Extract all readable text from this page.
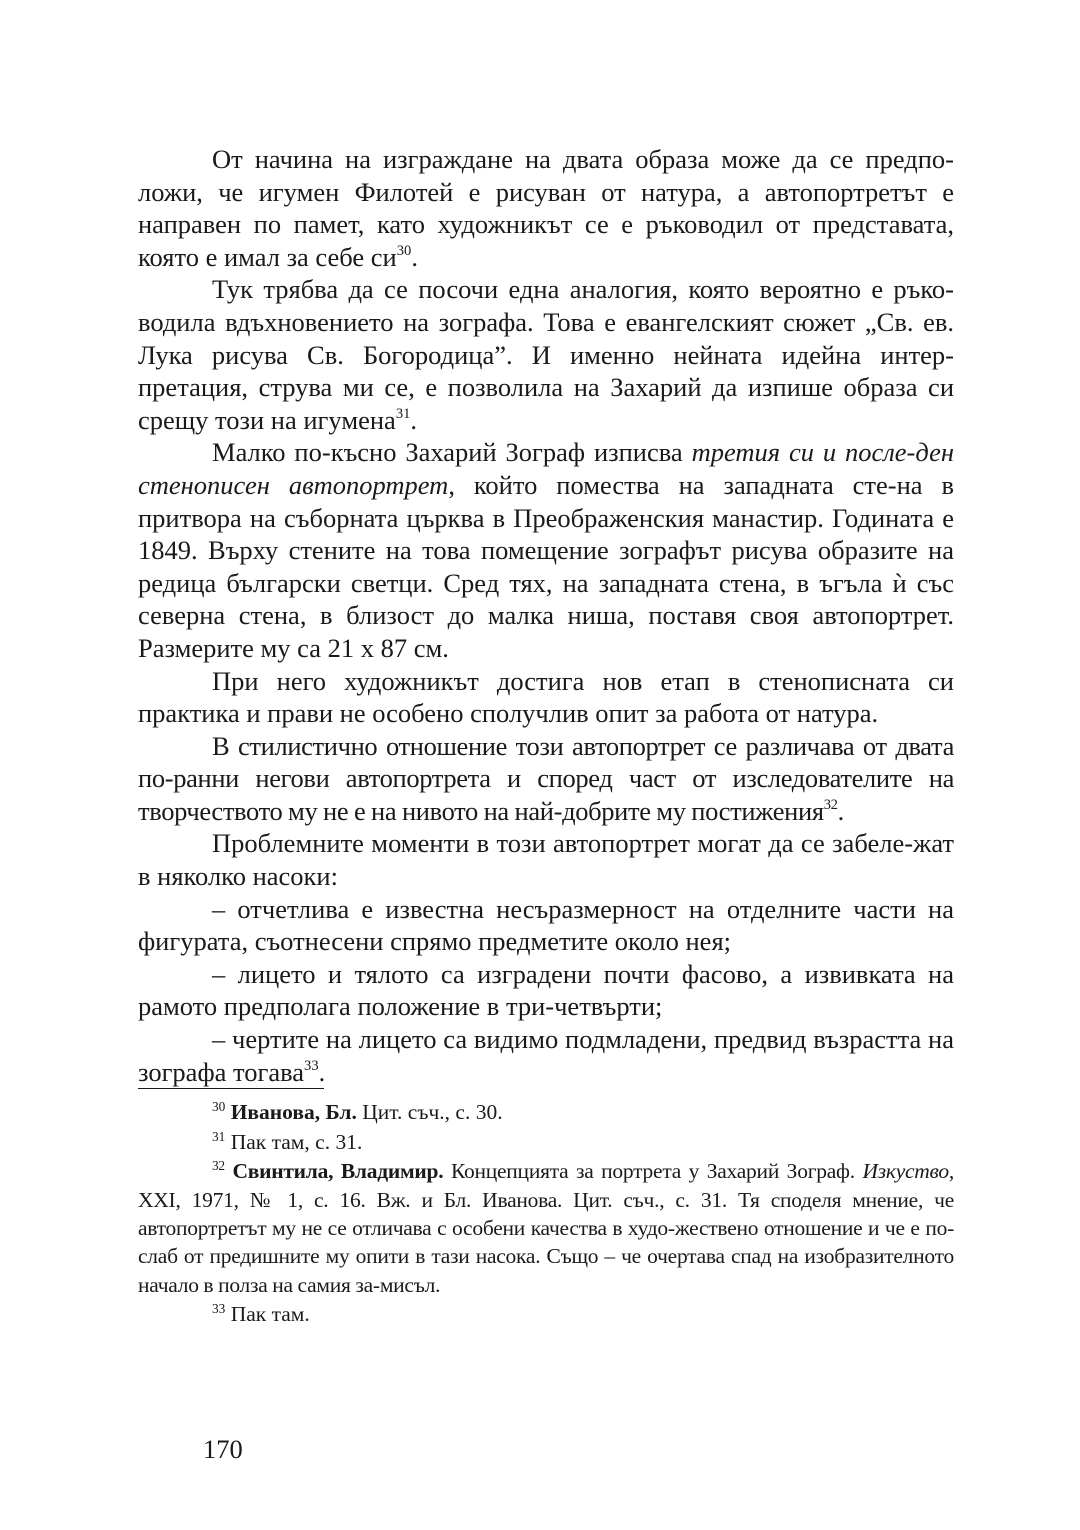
От начина на изграждане на двата образа може да се предпо-ложи, че игумен Филотей е рисуван от натура, а автопортретът е направен по памет, като художникът се е ръководил от представата, която е имал за себе $си^{30}$.

Тук трябва да се посочи една аналогия, която вероятно е ръко-водила вдъхновението на зографа. Това е евангелският сюжет „Св. ев. Лука рисува Св. Богородица”. И именно нейната идейна интер-претация, струва ми се, е позволила на Захарий да изпише образа си срещу този на игумена$^{31}$.

Малко по-късно Захарий Зограф изписва третия си и послe-ден стенописен автопортрет, който помества на западната сте-на в притвора на съборната църква в Преображенския манастир. Годината е 1849. Върху стените на това помещение зографът рисува образите на редица български светци. Сред тях, на западната стена, в ъгъла ѝ със северна стена, в близост до малка ниша, поставя своя автопортрет. Размерите му са 21 х 87 см.

При него художникът достига нов етап в стенописната си практика и прави не особено сполучлив опит за работа от натура.

В стилистично отношение този автопортрет се различава от двата по-ранни негови автопортрета и според част от изследователите на творчеството му не е на нивото на най-добрите му постижения$^{32}$.

Проблемните моменти в този автопортрет могат да се забеле-жат в няколко насоки:

– отчетлива е известна несъразмерност на отделните части на фигурата, съотнесени спрямо предметите около нея;

– лицето и тялото са изградени почти фасово, а извивката на рамото предполага положение в три-четвърти;

– чертите на лицето са видимо подмладени, предвид възрастта на зографа тогава$^{33}$.

$^{30}$ Иванова, Бл. Цит. съч., с. 30.

$^{31}$ Пак там, с. 31.

$^{32}$ Свинтила, Владимир. Концепцията за портрета у Захарий Зограф. Изкуство, XXI, 1971, № 1, с. 16. Вж. и Бл. Иванова. Цит. съч., с. 31. Тя споделя мнение, че автопортретът му не се отличава с особени качества в худо-жествено отношение и че е по-слаб от предишните му опити в тази насока. Също – че очертава спад на изобразителното начало в полза на самия за-мисъл.

$^{33}$ Пак там.

170
